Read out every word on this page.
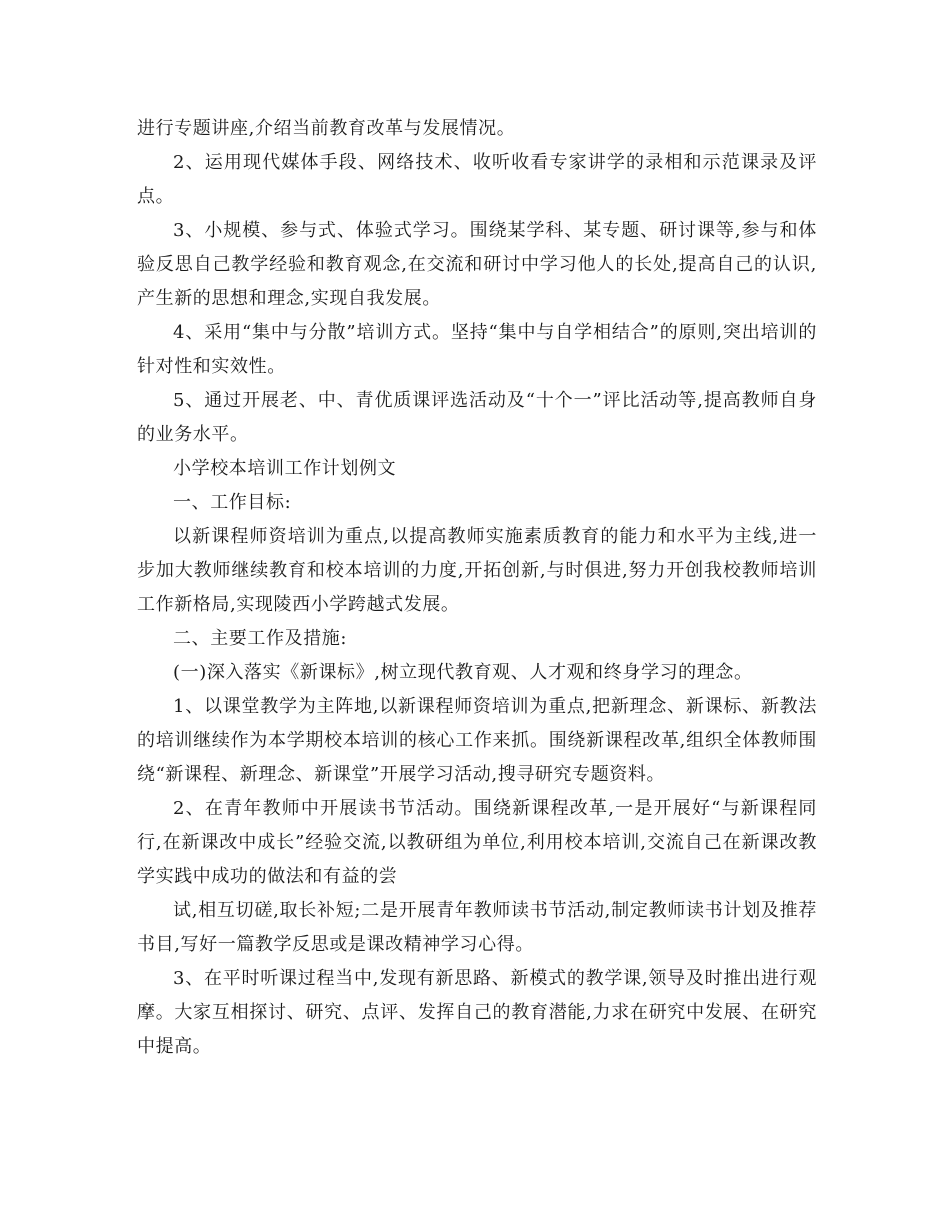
进行专题讲座,介绍当前教育改革与发展情况。

2、运用现代媒体手段、网络技术、收听收看专家讲学的录相和示范课录及评点。

3、小规模、参与式、体验式学习。围绕某学科、某专题、研讨课等,参与和体验反思自己教学经验和教育观念,在交流和研讨中学习他人的长处,提高自己的认识,产生新的思想和理念,实现自我发展。

4、采用“集中与分散”培训方式。坚持“集中与自学相结合”的原则,突出培训的针对性和实效性。

5、通过开展老、中、青优质课评选活动及“十个一”评比活动等,提高教师自身的业务水平。

小学校本培训工作计划例文

一、工作目标:

以新课程师资培训为重点,以提高教师实施素质教育的能力和水平为主线,进一步加大教师继续教育和校本培训的力度,开拓创新,与时俱进,努力开创我校教师培训工作新格局,实现陵西小学跨越式发展。

二、主要工作及措施:

(一)深入落实《新课标》,树立现代教育观、人才观和终身学习的理念。

1、以课堂教学为主阵地,以新课程师资培训为重点,把新理念、新课标、新教法的培训继续作为本学期校本培训的核心工作来抓。围绕新课程改革,组织全体教师围绕“新课程、新理念、新课堂”开展学习活动,搜寻研究专题资料。

2、在青年教师中开展读书节活动。围绕新课程改革,一是开展好“与新课程同行,在新课改中成长”经验交流,以教研组为单位,利用校本培训,交流自己在新课改教学实践中成功的做法和有益的尝

试,相互切磋,取长补短;二是开展青年教师读书节活动,制定教师读书计划及推荐书目,写好一篇教学反思或是课改精神学习心得。

3、在平时听课过程当中,发现有新思路、新模式的教学课,领导及时推出进行观摩。大家互相探讨、研究、点评、发挥自己的教育潜能,力求在研究中发展、在研究中提高。
